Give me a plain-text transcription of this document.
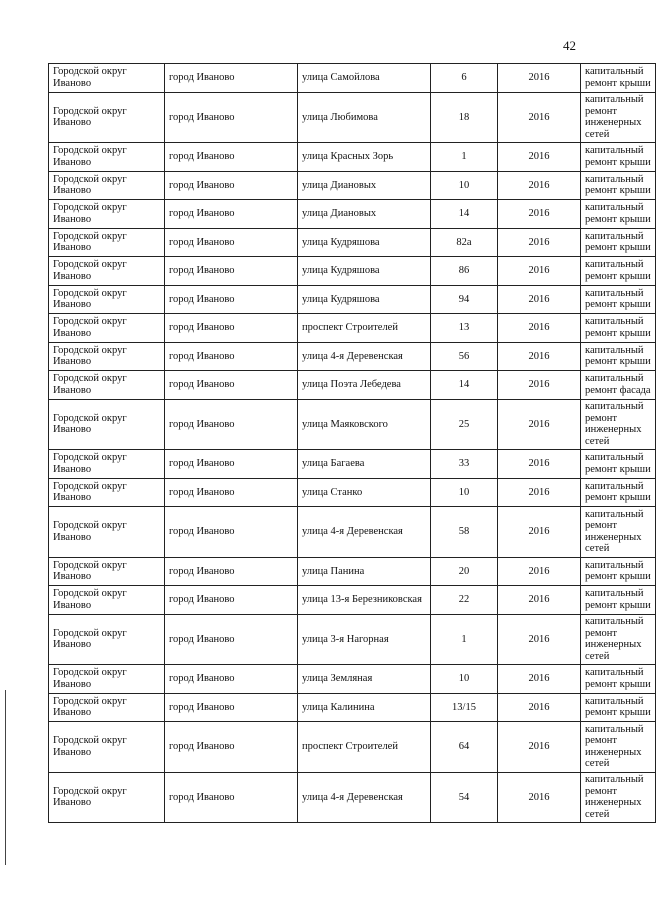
42
Городской округ Иваново	город Иваново	улица Самойлова	6	2016	капитальный ремонт крыши
Городской округ Иваново	город Иваново	улица Любимова	18	2016	капитальный ремонт инженерных сетей
Городской округ Иваново	город Иваново	улица Красных Зорь	1	2016	капитальный ремонт крыши
Городской округ Иваново	город Иваново	улица Диановых	10	2016	капитальный ремонт крыши
Городской округ Иваново	город Иваново	улица Диановых	14	2016	капитальный ремонт крыши
Городской округ Иваново	город Иваново	улица Кудряшова	82а	2016	капитальный ремонт крыши
Городской округ Иваново	город Иваново	улица Кудряшова	86	2016	капитальный ремонт крыши
Городской округ Иваново	город Иваново	улица Кудряшова	94	2016	капитальный ремонт крыши
Городской округ Иваново	город Иваново	проспект Строителей	13	2016	капитальный ремонт крыши
Городской округ Иваново	город Иваново	улица 4-я Деревенская	56	2016	капитальный ремонт крыши
Городской округ Иваново	город Иваново	улица Поэта Лебедева	14	2016	капитальный ремонт фасада
Городской округ Иваново	город Иваново	улица Маяковского	25	2016	капитальный ремонт инженерных сетей
Городской округ Иваново	город Иваново	улица Багаева	33	2016	капитальный ремонт крыши
Городской округ Иваново	город Иваново	улица Станко	10	2016	капитальный ремонт крыши
Городской округ Иваново	город Иваново	улица 4-я Деревенская	58	2016	капитальный ремонт инженерных сетей
Городской округ Иваново	город Иваново	улица Панина	20	2016	капитальный ремонт крыши
Городской округ Иваново	город Иваново	улица 13-я Березниковская	22	2016	капитальный ремонт крыши
Городской округ Иваново	город Иваново	улица 3-я Нагорная	1	2016	капитальный ремонт инженерных сетей
Городской округ Иваново	город Иваново	улица Земляная	10	2016	капитальный ремонт крыши
Городской округ Иваново	город Иваново	улица Калинина	13/15	2016	капитальный ремонт крыши
Городской округ Иваново	город Иваново	проспект Строителей	64	2016	капитальный ремонт инженерных сетей
Городской округ Иваново	город Иваново	улица 4-я Деревенская	54	2016	капитальный ремонт инженерных сетей
